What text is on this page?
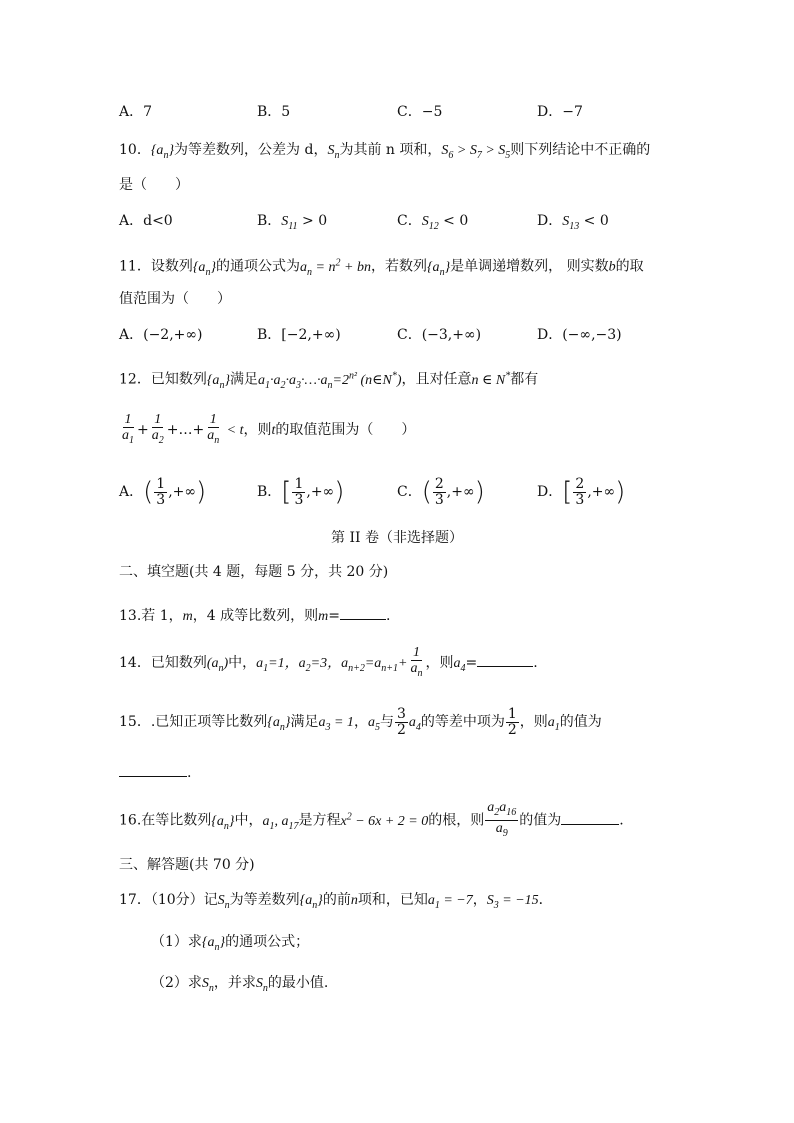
A．7	B．5	C．−5	D．−7
10．$\{a_n\}$为等差数列，公差为 d，$S_n$为其前 n 项和，$S_6 > S_7 > S_5$则下列结论中不正确的
是（　　）
A．d<0	B．$S_{11} > 0$	C．$S_{12} < 0$	D．$S_{13} < 0$
11．设数列$\{a_n\}$的通项公式为$a_n = n^2$ + bn，若数列$\{a_n\}$是单调递增数列， 则实数b的取
值范围为（　　）
A．(−2,+∞)	B．[−2,+∞)	C．(−3,+∞)	D．(−∞,−3)
12．已知数列$\{a_n\}$满足$a_1\cdot a_2\cdot a_3\cdot\dots\cdot a_n=2^{n^2}$ (n∈N*)，且对任意n ∈ N*都有
$\frac{1}{a_1} + \frac{1}{a_2}$ +…+ $\frac{1}{a_n} < t$，则t的取值范围为（　　）
A．( $\frac{1}{3}$ ,+∞)	B．[ $\frac{1}{3}$ ,+∞)	C．( $\frac{2}{3}$ ,+∞)	D．[ $\frac{2}{3}$ ,+∞)
第 II 卷（非选择题）
二、填空题(共 4 题，每题 5 分，共 20 分)
13.若 1，m，4 成等比数列，则m=	.
14．已知数列$(a_n)$中，$a_1=1$，$a_2=3$，$a_{n+2}=a_{n+1}+ \frac{1}{a_n}$ ，则$a_4=$	.
15．.已知正项等比数列$\{a_n\}$满足$a_3 = 1$，$a_5$与 $\frac{3}{2} a_4$的等差中项为 $\frac{1}{2}$ ，则$a_1$的值为
.
16.在等比数列$\{a_n\}$中，$a_1$, $a_{17}$是方程$x^2 - 6x + 2 = 0$的根，则 $\frac{a_2a_{16}}{a_9}$ 的值为	.
三、解答题(共 70 分)
17．（10分）记$S_n$为等差数列$\{a_n\}$的前n项和，已知$a_1 = -7$，$S_3 = -15$．
（1）求$\{a_n\}$的通项公式；
（2）求$S_n$，并求$S_n$的最小值.
